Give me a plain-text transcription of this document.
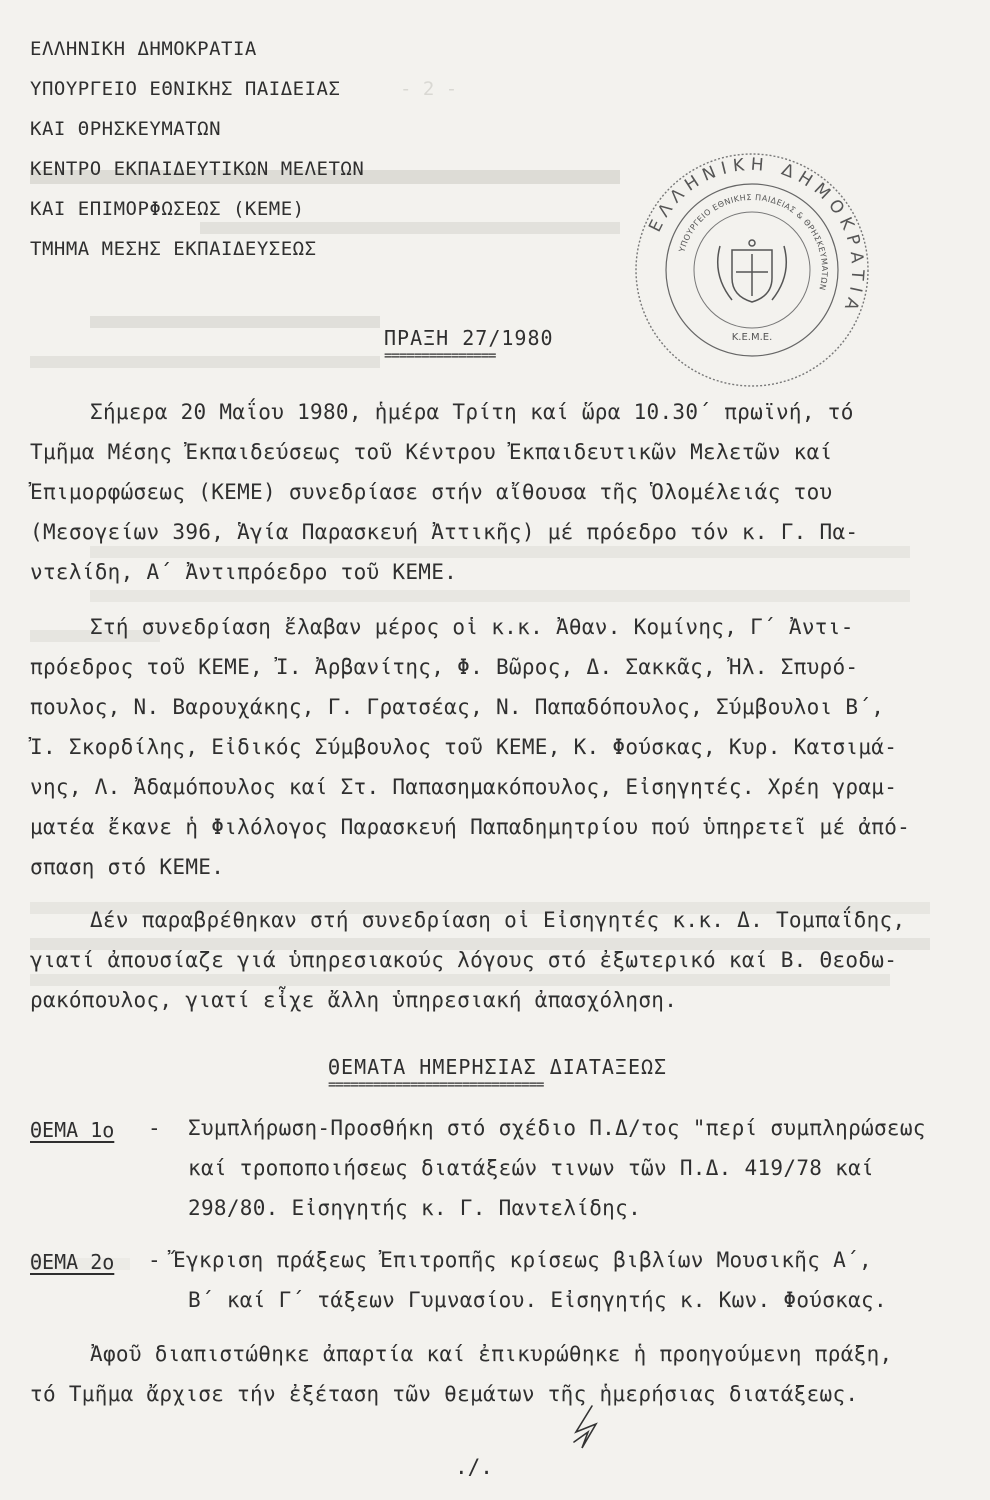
- 2 -
ΕΛΛΗΝΙΚΗ ΔΗΜΟΚΡΑΤΙΑ
ΥΠΟΥΡΓΕΙΟ ΕΘΝΙΚΗΣ ΠΑΙΔΕΙΑΣ
ΚΑΙ ΘΡΗΣΚΕΥΜΑΤΩΝ
ΚΕΝΤΡΟ ΕΚΠΑΙΔΕΥΤΙΚΩΝ ΜΕΛΕΤΩΝ
ΚΑΙ ΕΠΙΜΟΡΦΩΣΕΩΣ (ΚΕΜΕ)
ΤΜΗΜΑ ΜΕΣΗΣ ΕΚΠΑΙΔΕΥΣΕΩΣ
ΕΛΛΗΝΙΚΗ ΔΗΜΟΚΡΑΤΙΑ
ΥΠΟΥΡΓΕΙΟ ΕΘΝΙΚΗΣ ΠΑΙΔΕΙΑΣ & ΘΡΗΣΚΕΥΜΑΤΩΝ
Κ.Ε.Μ.Ε.
ΠΡΑΞΗ 27/1980
===============
Σήμερα 20 Μαΐου 1980, ἡμέρα Τρίτη καί ὥρα 10.30΄ πρωϊνή, τό
Τμῆμα Μέσης Ἐκπαιδεύσεως τοῦ Κέντρου Ἐκπαιδευτικῶν Μελετῶν καί
Ἐπιμορφώσεως (ΚΕΜΕ) συνεδρίασε στήν αἴθουσα τῆς Ὁλομέλειάς του
(Μεσογείων 396, Ἁγία Παρασκευή Ἀττικῆς) μέ πρόεδρο τόν κ. Γ. Πα-
ντελίδη, Α΄ Ἀντιπρόεδρο τοῦ ΚΕΜΕ.
Στή συνεδρίαση ἔλαβαν μέρος οἱ κ.κ. Ἀθαν. Κομίνης, Γ΄ Ἀντι-
πρόεδρος τοῦ ΚΕΜΕ, Ἰ. Ἀρβανίτης, Φ. Βῶρος, Δ. Σακκᾶς, Ἠλ. Σπυρό-
πουλος, Ν. Βαρουχάκης, Γ. Γρατσέας, Ν. Παπαδόπουλος, Σύμβουλοι Β΄,
Ἰ. Σκορδίλης, Εἰδικός Σύμβουλος τοῦ ΚΕΜΕ, Κ. Φούσκας, Κυρ. Κατσιμά-
νης, Λ. Ἀδαμόπουλος καί Στ. Παπασημακόπουλος, Εἰσηγητές. Χρέη γραμ-
ματέα ἔκανε ἡ Φιλόλογος Παρασκευή Παπαδημητρίου πού ὑπηρετεῖ μέ ἀπό-
σπαση στό ΚΕΜΕ.
Δέν παραβρέθηκαν στή συνεδρίαση οἱ Εἰσηγητές κ.κ. Δ. Τομπαΐδης,
γιατί ἀπουσίαζε γιά ὑπηρεσιακούς λόγους στό ἐξωτερικό καί Β. Θεοδω-
ρακόπουλος, γιατί εἶχε ἄλλη ὑπηρεσιακή ἀπασχόληση.
ΘΕΜΑΤΑ ΗΜΕΡΗΣΙΑΣ ΔΙΑΤΑΞΕΩΣ
=============================
ΘΕΜΑ 1ο - Συμπλήρωση-Προσθήκη στό σχέδιο Π.Δ/τος "περί συμπληρώσεως
καί τροποποιήσεως διατάξεών τινων τῶν Π.Δ. 419/78 καί
298/80. Εἰσηγητής κ. Γ. Παντελίδης.
ΘΕΜΑ 2ο - Ἔγκριση πράξεως Ἐπιτροπῆς κρίσεως βιβλίων Μουσικῆς Α΄,
Β΄ καί Γ΄ τάξεων Γυμνασίου. Εἰσηγητής κ. Κων. Φούσκας.
Ἀφοῦ διαπιστώθηκε ἀπαρτία καί ἐπικυρώθηκε ἡ προηγούμενη πράξη,
τό Τμῆμα ἄρχισε τήν ἐξέταση τῶν θεμάτων τῆς ἡμερήσιας διατάξεως.
./.
